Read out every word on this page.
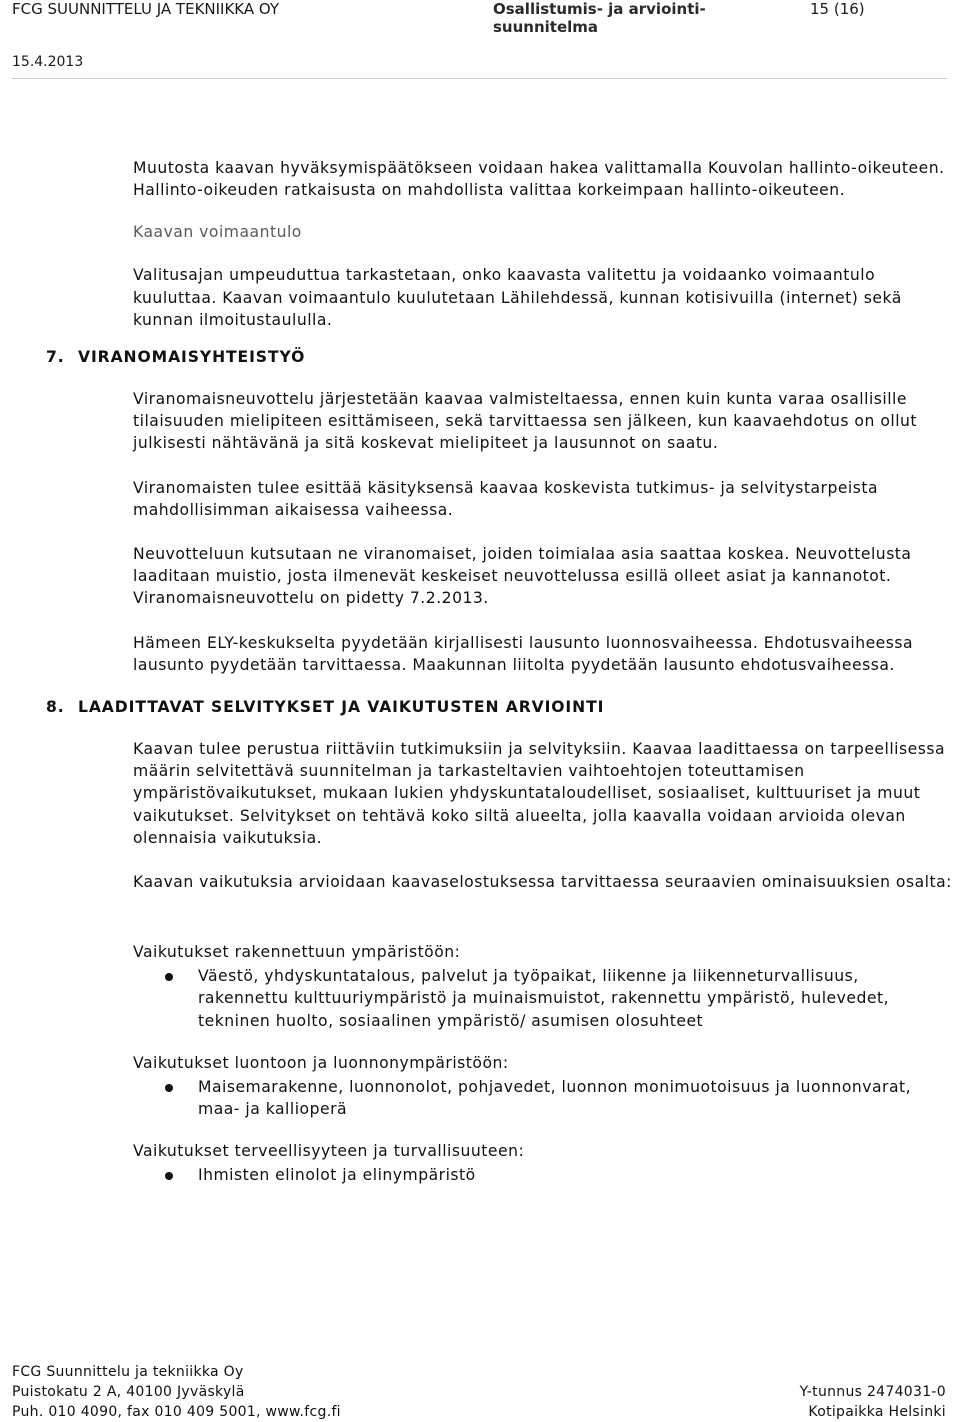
FCG SUUNNITTELU JA TEKNIIKKA OY	Osallistumis- ja arviointi-suunnitelma
15 (16)
15.4.2013

Muutosta kaavan hyväksymispäätökseen voidaan hakea valittamalla Kouvolan hallinto-oikeuteen. Hallinto-oikeuden ratkaisusta on mahdollista valittaa korkeimpaan hallinto-oikeuteen.

Kaavan voimaantulo

Valitusajan umpeuduttua tarkastetaan, onko kaavasta valitettu ja voidaanko voimaantulo kuuluttaa. Kaavan voimaantulo kuulutetaan Lähilehdessä, kunnan kotisivuilla (internet) sekä kunnan ilmoitustaululla.

7. VIRANOMAISYHTEISTYÖ

Viranomaisneuvottelu järjestetään kaavaa valmisteltaessa, ennen kuin kunta varaa osallisille tilaisuuden mielipiteen esittämiseen, sekä tarvittaessa sen jälkeen, kun kaavaehdotus on ollut julkisesti nähtävänä ja sitä koskevat mielipiteet ja lausunnot on saatu.

Viranomaisten tulee esittää käsityksensä kaavaa koskevista tutkimus- ja selvitystarpeista mahdollisimman aikaisessa vaiheessa.

Neuvotteluun kutsutaan ne viranomaiset, joiden toimialaa asia saattaa koskea. Neuvottelusta laaditaan muistio, josta ilmenevät keskeiset neuvottelussa esillä olleet asiat ja kannanotot. Viranomaisneuvottelu on pidetty 7.2.2013.

Hämeen ELY-keskukselta pyydetään kirjallisesti lausunto luonnosvaiheessa. Ehdotusvaiheessa lausunto pyydetään tarvittaessa. Maakunnan liitolta pyydetään lausunto ehdotusvaiheessa.

8. LAADITTAVAT SELVITYKSET JA VAIKUTUSTEN ARVIOINTI

Kaavan tulee perustua riittäviin tutkimuksiin ja selvityksiin. Kaavaa laadittaessa on tarpeellisessa määrin selvitettävä suunnitelman ja tarkasteltavien vaihtoehtojen toteuttamisen ympäristövaikutukset, mukaan lukien yhdyskuntataloudelliset, sosiaaliset, kulttuuriset ja muut vaikutukset. Selvitykset on tehtävä koko siltä alueelta, jolla kaavalla voidaan arvioida olevan olennaisia vaikutuksia.

Kaavan vaikutuksia arvioidaan kaavaselostuksessa tarvittaessa seuraavien ominaisuuksien osalta:

Vaikutukset rakennettuun ympäristöön:
Väestö, yhdyskuntatalous, palvelut ja työpaikat, liikenne ja liikenneturvallisuus, rakennettu kulttuuriympäristö ja muinaismuistot, rakennettu ympäristö, hulevedet, tekninen huolto, sosiaalinen ympäristö/ asumisen olosuhteet
Vaikutukset luontoon ja luonnonympäristöön:
Maisemarakenne, luonnonolot, pohjavedet, luonnon monimuotoisuus ja luonnonvarat, maa- ja kallioperä
Vaikutukset terveellisyyteen ja turvallisuuteen:
Ihmisten elinolot ja elinympäristö
FCG Suunnittelu ja tekniikka Oy
Puistokatu 2 A, 40100 Jyväskylä
Puh. 010 4090, fax 010 409 5001, www.fcg.fi
Y-tunnus 2474031-0
Kotipaikka Helsinki
